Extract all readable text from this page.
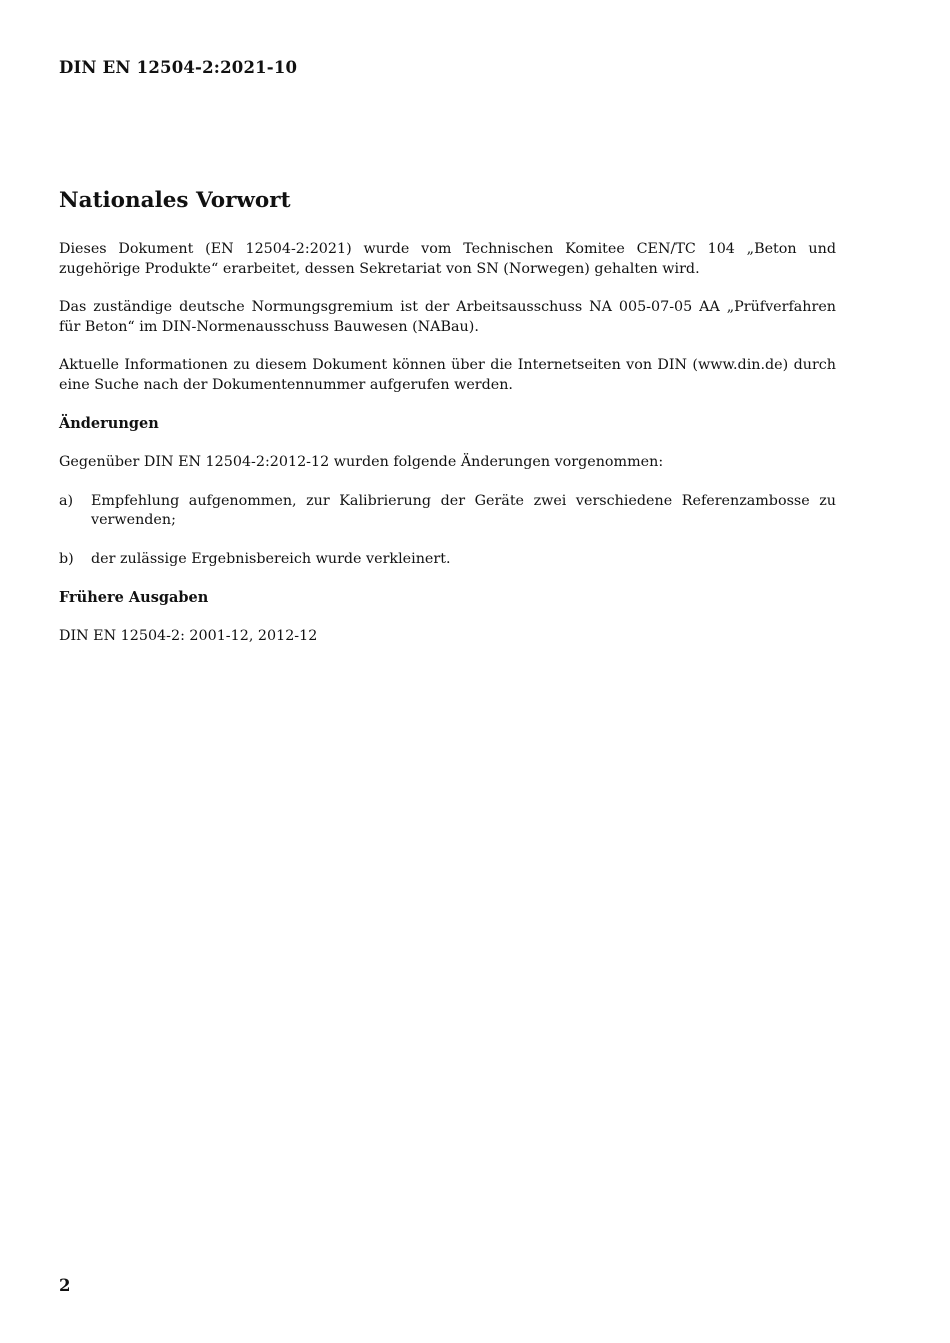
DIN EN 12504-2:2021-10
Nationales Vorwort

Dieses Dokument (EN 12504-2:2021) wurde vom Technischen Komitee CEN/TC 104 „Beton und zugehörige Produkte“ erarbeitet, dessen Sekretariat von SN (Norwegen) gehalten wird.

Das zuständige deutsche Normungsgremium ist der Arbeitsausschuss NA 005-07-05 AA „Prüfverfahren für Beton“ im DIN-Normenausschuss Bauwesen (NABau).

Aktuelle Informationen zu diesem Dokument können über die Internetseiten von DIN (www.din.de) durch eine Suche nach der Dokumentennummer aufgerufen werden.

Änderungen

Gegenüber DIN EN 12504-2:2012-12 wurden folgende Änderungen vorgenommen:

a)	Empfehlung aufgenommen, zur Kalibrierung der Geräte zwei verschiedene Referenzambosse zu verwenden;
b)	der zulässige Ergebnisbereich wurde verkleinert.
Frühere Ausgaben

DIN EN 12504-2: 2001-12, 2012-12

2
